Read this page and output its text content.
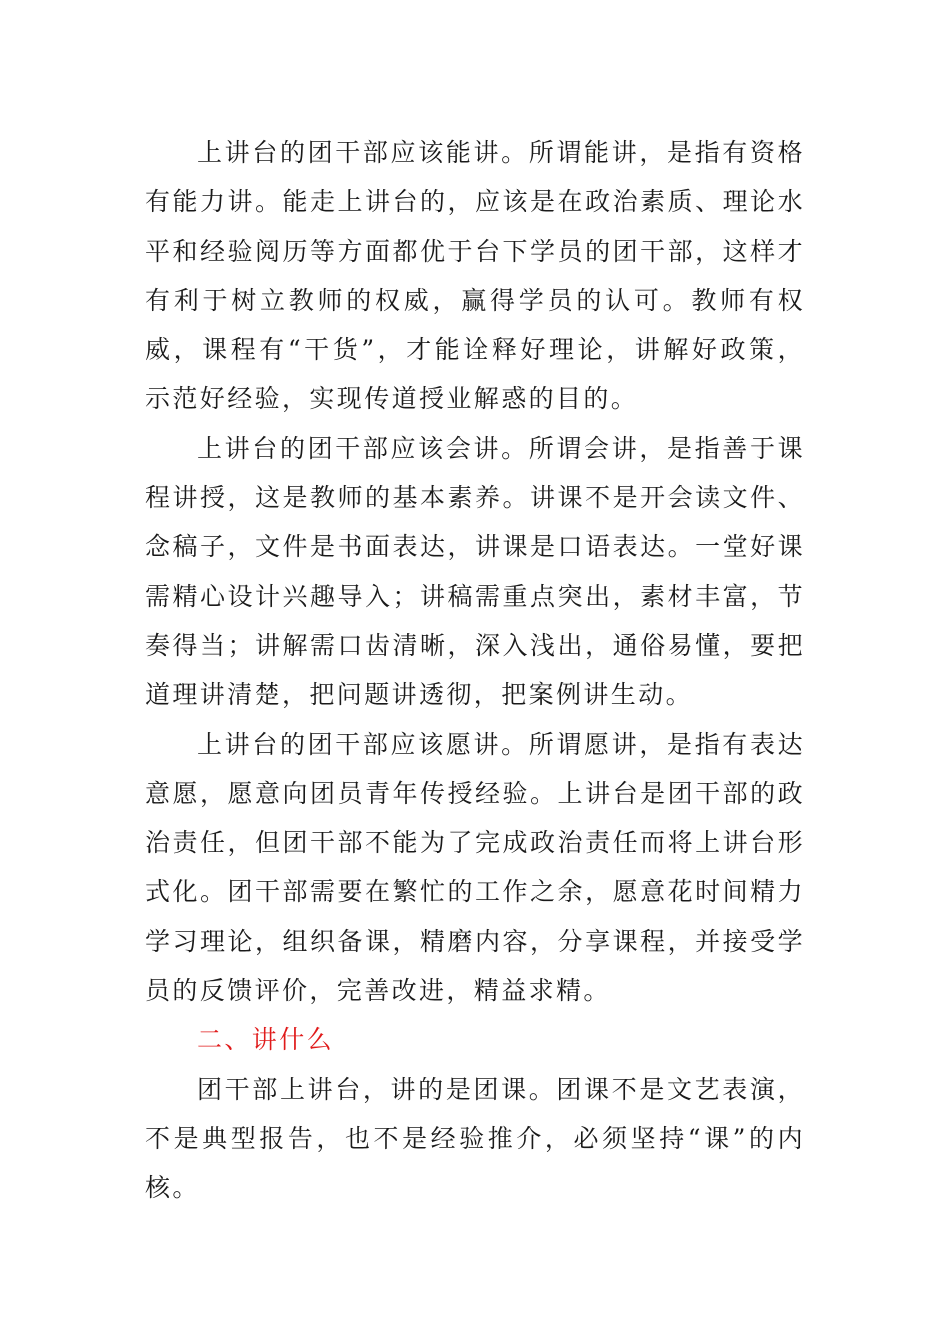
上讲台的团干部应该能讲。所谓能讲，是指有资格有能力讲。能走上讲台的，应该是在政治素质、理论水平和经验阅历等方面都优于台下学员的团干部，这样才有利于树立教师的权威，赢得学员的认可。教师有权威，课程有“干货”，才能诠释好理论，讲解好政策，示范好经验，实现传道授业解惑的目的。

上讲台的团干部应该会讲。所谓会讲，是指善于课程讲授，这是教师的基本素养。讲课不是开会读文件、念稿子，文件是书面表达，讲课是口语表达。一堂好课需精心设计兴趣导入；讲稿需重点突出，素材丰富，节奏得当；讲解需口齿清晰，深入浅出，通俗易懂，要把道理讲清楚，把问题讲透彻，把案例讲生动。

上讲台的团干部应该愿讲。所谓愿讲，是指有表达意愿，愿意向团员青年传授经验。上讲台是团干部的政治责任，但团干部不能为了完成政治责任而将上讲台形式化。团干部需要在繁忙的工作之余，愿意花时间精力学习理论，组织备课，精磨内容，分享课程，并接受学员的反馈评价，完善改进，精益求精。

二、讲什么

团干部上讲台，讲的是团课。团课不是文艺表演，不是典型报告，也不是经验推介，必须坚持“课”的内核。
